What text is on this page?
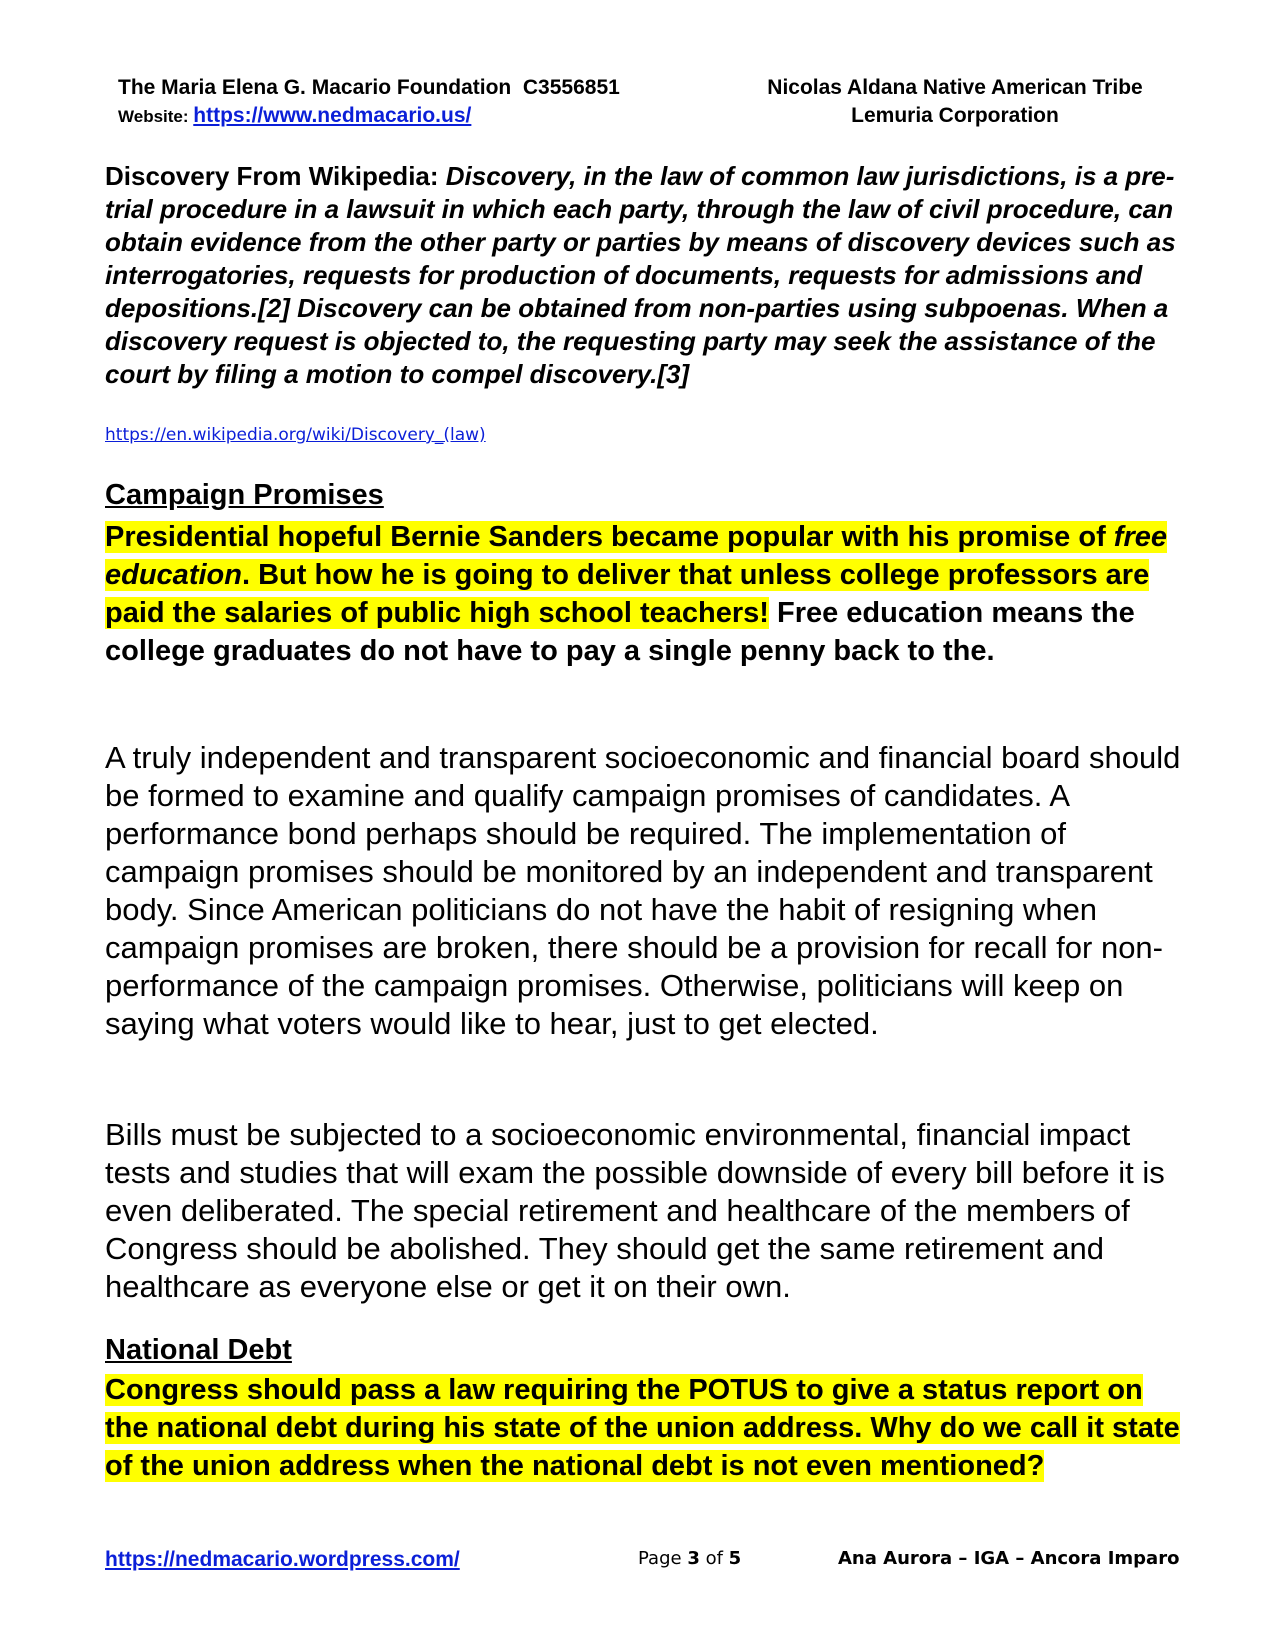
The Maria Elena G. Macario Foundation  C3556851
Website: https://www.nedmacario.us/
Nicolas Aldana Native American Tribe
Lemuria Corporation
Discovery From Wikipedia: Discovery, in the law of common law jurisdictions, is a pre-trial procedure in a lawsuit in which each party, through the law of civil procedure, can obtain evidence from the other party or parties by means of discovery devices such as interrogatories, requests for production of documents, requests for admissions and depositions.[2] Discovery can be obtained from non-parties using subpoenas. When a discovery request is objected to, the requesting party may seek the assistance of the court by filing a motion to compel discovery.[3]
https://en.wikipedia.org/wiki/Discovery_(law)
Campaign Promises
Presidential hopeful Bernie Sanders became popular with his promise of free education. But how he is going to deliver that unless college professors are paid the salaries of public high school teachers! Free education means the college graduates do not have to pay a single penny back to the.
A truly independent and transparent socioeconomic and financial board should be formed to examine and qualify campaign promises of candidates. A performance bond perhaps should be required. The implementation of campaign promises should be monitored by an independent and transparent body. Since American politicians do not have the habit of resigning when campaign promises are broken, there should be a provision for recall for non-performance of the campaign promises. Otherwise, politicians will keep on saying what voters would like to hear, just to get elected.
Bills must be subjected to a socioeconomic environmental, financial impact tests and studies that will exam the possible downside of every bill before it is even deliberated. The special retirement and healthcare of the members of Congress should be abolished. They should get the same retirement and healthcare as everyone else or get it on their own.
National Debt
Congress should pass a law requiring the POTUS to give a status report on the national debt during his state of the union address. Why do we call it state of the union address when the national debt is not even mentioned?
https://nedmacario.wordpress.com/	Page 3 of 5	Ana Aurora – IGA – Ancora Imparo
